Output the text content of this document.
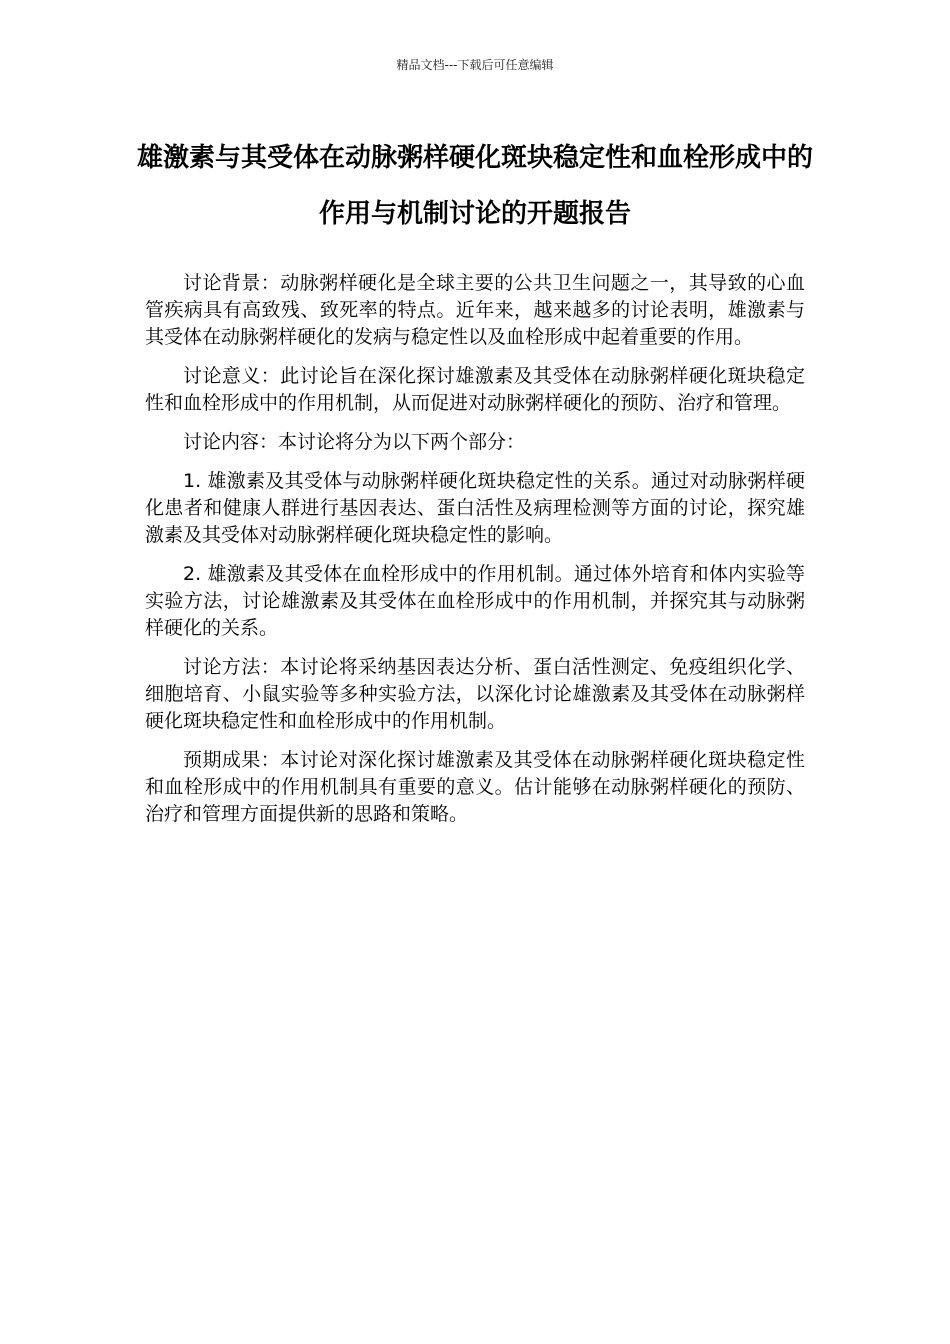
精品文档---下载后可任意编辑
雄激素与其受体在动脉粥样硬化斑块稳定性和血栓形成中的作用与机制讨论的开题报告

讨论背景：动脉粥样硬化是全球主要的公共卫生问题之一，其导致的心血管疾病具有高致残、致死率的特点。近年来，越来越多的讨论表明，雄激素与其受体在动脉粥样硬化的发病与稳定性以及血栓形成中起着重要的作用。

讨论意义：此讨论旨在深化探讨雄激素及其受体在动脉粥样硬化斑块稳定性和血栓形成中的作用机制，从而促进对动脉粥样硬化的预防、治疗和管理。

讨论内容：本讨论将分为以下两个部分：

1. 雄激素及其受体与动脉粥样硬化斑块稳定性的关系。通过对动脉粥样硬化患者和健康人群进行基因表达、蛋白活性及病理检测等方面的讨论，探究雄激素及其受体对动脉粥样硬化斑块稳定性的影响。

2. 雄激素及其受体在血栓形成中的作用机制。通过体外培育和体内实验等实验方法，讨论雄激素及其受体在血栓形成中的作用机制，并探究其与动脉粥样硬化的关系。

讨论方法：本讨论将采纳基因表达分析、蛋白活性测定、免疫组织化学、细胞培育、小鼠实验等多种实验方法，以深化讨论雄激素及其受体在动脉粥样硬化斑块稳定性和血栓形成中的作用机制。

预期成果：本讨论对深化探讨雄激素及其受体在动脉粥样硬化斑块稳定性和血栓形成中的作用机制具有重要的意义。估计能够在动脉粥样硬化的预防、治疗和管理方面提供新的思路和策略。
